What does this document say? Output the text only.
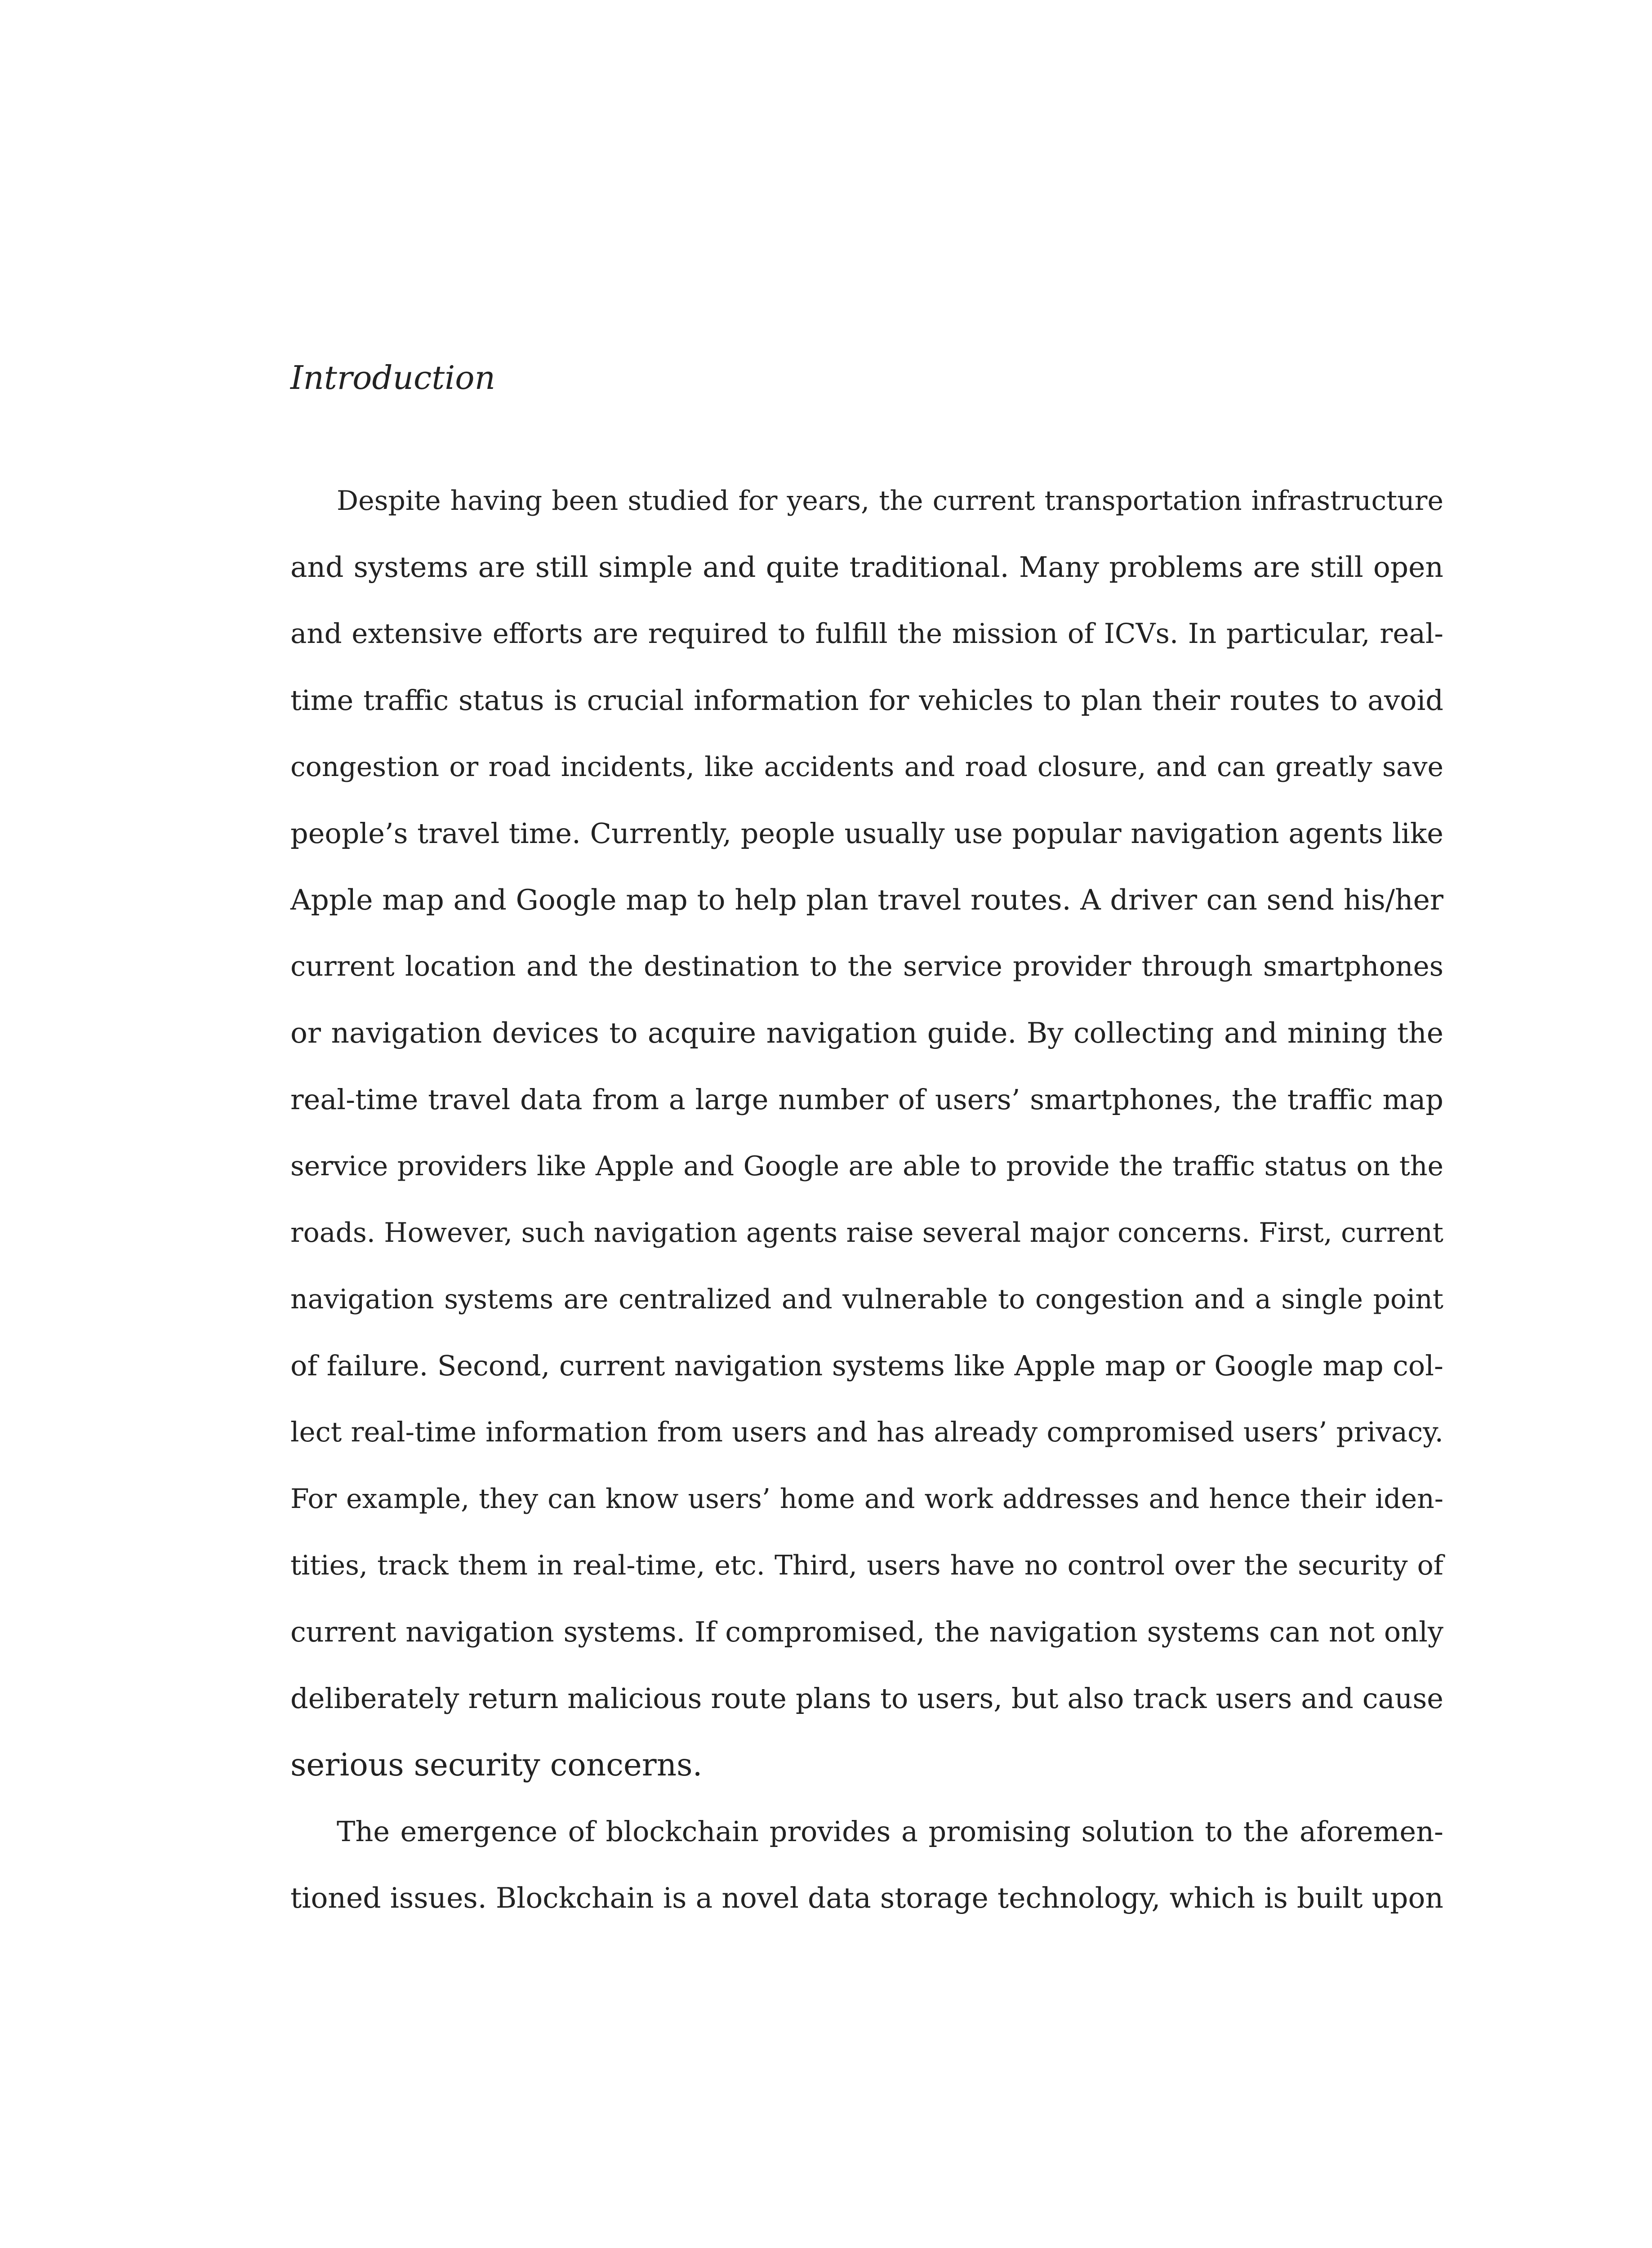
Introduction
Despite having been studied for years, the current transportation infrastructure
and systems are still simple and quite traditional. Many problems are still open
and extensive efforts are required to fulfill the mission of ICVs. In particular, real-
time traffic status is crucial information for vehicles to plan their routes to avoid
congestion or road incidents, like accidents and road closure, and can greatly save
people’s travel time. Currently, people usually use popular navigation agents like
Apple map and Google map to help plan travel routes. A driver can send his/her
current location and the destination to the service provider through smartphones
or navigation devices to acquire navigation guide. By collecting and mining the
real-time travel data from a large number of users’ smartphones, the traffic map
service providers like Apple and Google are able to provide the traffic status on the
roads. However, such navigation agents raise several major concerns. First, current
navigation systems are centralized and vulnerable to congestion and a single point
of failure. Second, current navigation systems like Apple map or Google map col-
lect real-time information from users and has already compromised users’ privacy.
For example, they can know users’ home and work addresses and hence their iden-
tities, track them in real-time, etc. Third, users have no control over the security of
current navigation systems. If compromised, the navigation systems can not only
deliberately return malicious route plans to users, but also track users and cause
serious security concerns.
The emergence of blockchain provides a promising solution to the aforemen-
tioned issues. Blockchain is a novel data storage technology, which is built upon
